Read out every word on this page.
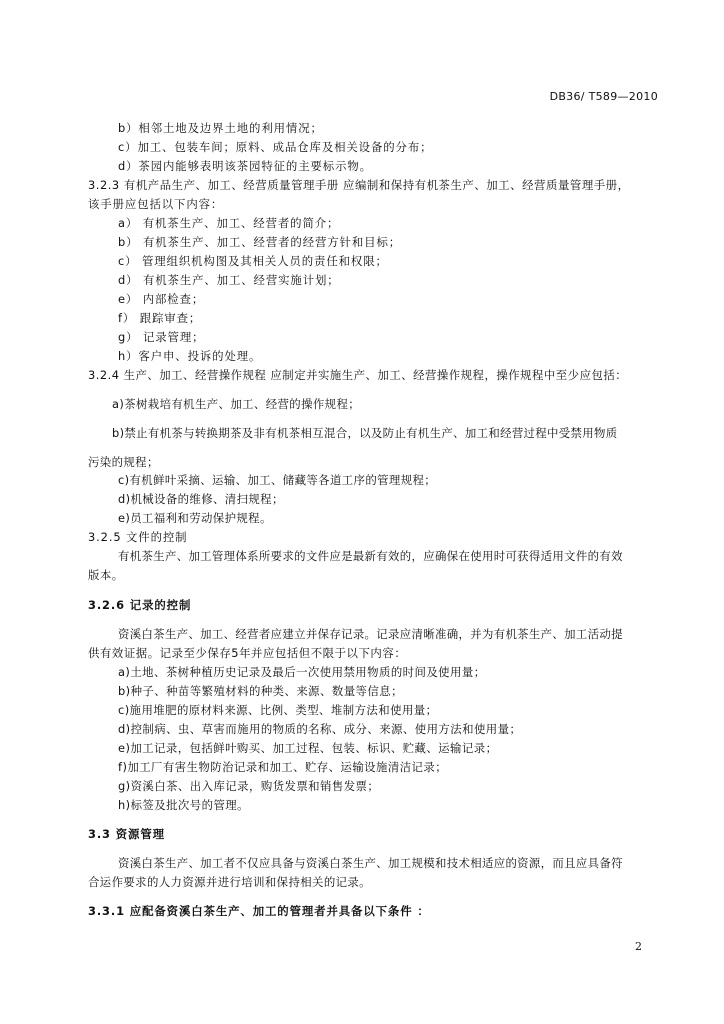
DB36/ T589—2010
b）相邻土地及边界土地的利用情况；
c）加工、包装车间；原料、成品仓库及相关设备的分布；
d）茶园内能够表明该茶园特征的主要标示物。
3.2.3 有机产品生产、加工、经营质量管理手册 应编制和保持有机茶生产、加工、经营质量管理手册，
该手册应包括以下内容：
a） 有机茶生产、加工、经营者的简介；
b） 有机茶生产、加工、经营者的经营方针和目标；
c） 管理组织机构图及其相关人员的责任和权限；
d） 有机茶生产、加工、经营实施计划；
e） 内部检查；
f） 跟踪审查；
g） 记录管理；
h）客户申、投诉的处理。
3.2.4 生产、加工、经营操作规程 应制定并实施生产、加工、经营操作规程，操作规程中至少应包括：
a)茶树栽培有机生产、加工、经营的操作规程；
b)禁止有机茶与转换期茶及非有机茶相互混合，以及防止有机生产、加工和经营过程中受禁用物质
污染的规程；
c)有机鲜叶采摘、运输、加工、储藏等各道工序的管理规程；
d)机械设备的维修、清扫规程；
e)员工福利和劳动保护规程。
3.2.5 文件的控制
有机茶生产、加工管理体系所要求的文件应是最新有效的，应确保在使用时可获得适用文件的有效
版本。
3.2.6 记录的控制
资溪白茶生产、加工、经营者应建立并保存记录。记录应清晰准确，并为有机茶生产、加工活动提
供有效证据。记录至少保存5年并应包括但不限于以下内容：
a)土地、茶树种植历史记录及最后一次使用禁用物质的时间及使用量；
b)种子、种苗等繁殖材料的种类、来源、数量等信息；
c)施用堆肥的原材料来源、比例、类型、堆制方法和使用量；
d)控制病、虫、草害而施用的物质的名称、成分、来源、使用方法和使用量；
e)加工记录，包括鲜叶购买、加工过程、包装、标识、贮藏、运输记录；
f)加工厂有害生物防治记录和加工、贮存、运输设施清洁记录；
g)资溪白茶、出入库记录，购货发票和销售发票；
h)标签及批次号的管理。
3.3 资源管理
资溪白茶生产、加工者不仅应具备与资溪白茶生产、加工规模和技术相适应的资源，而且应具备符
合运作要求的人力资源并进行培训和保持相关的记录。
3.3.1 应配备资溪白茶生产、加工的管理者并具备以下条件 ：
2
